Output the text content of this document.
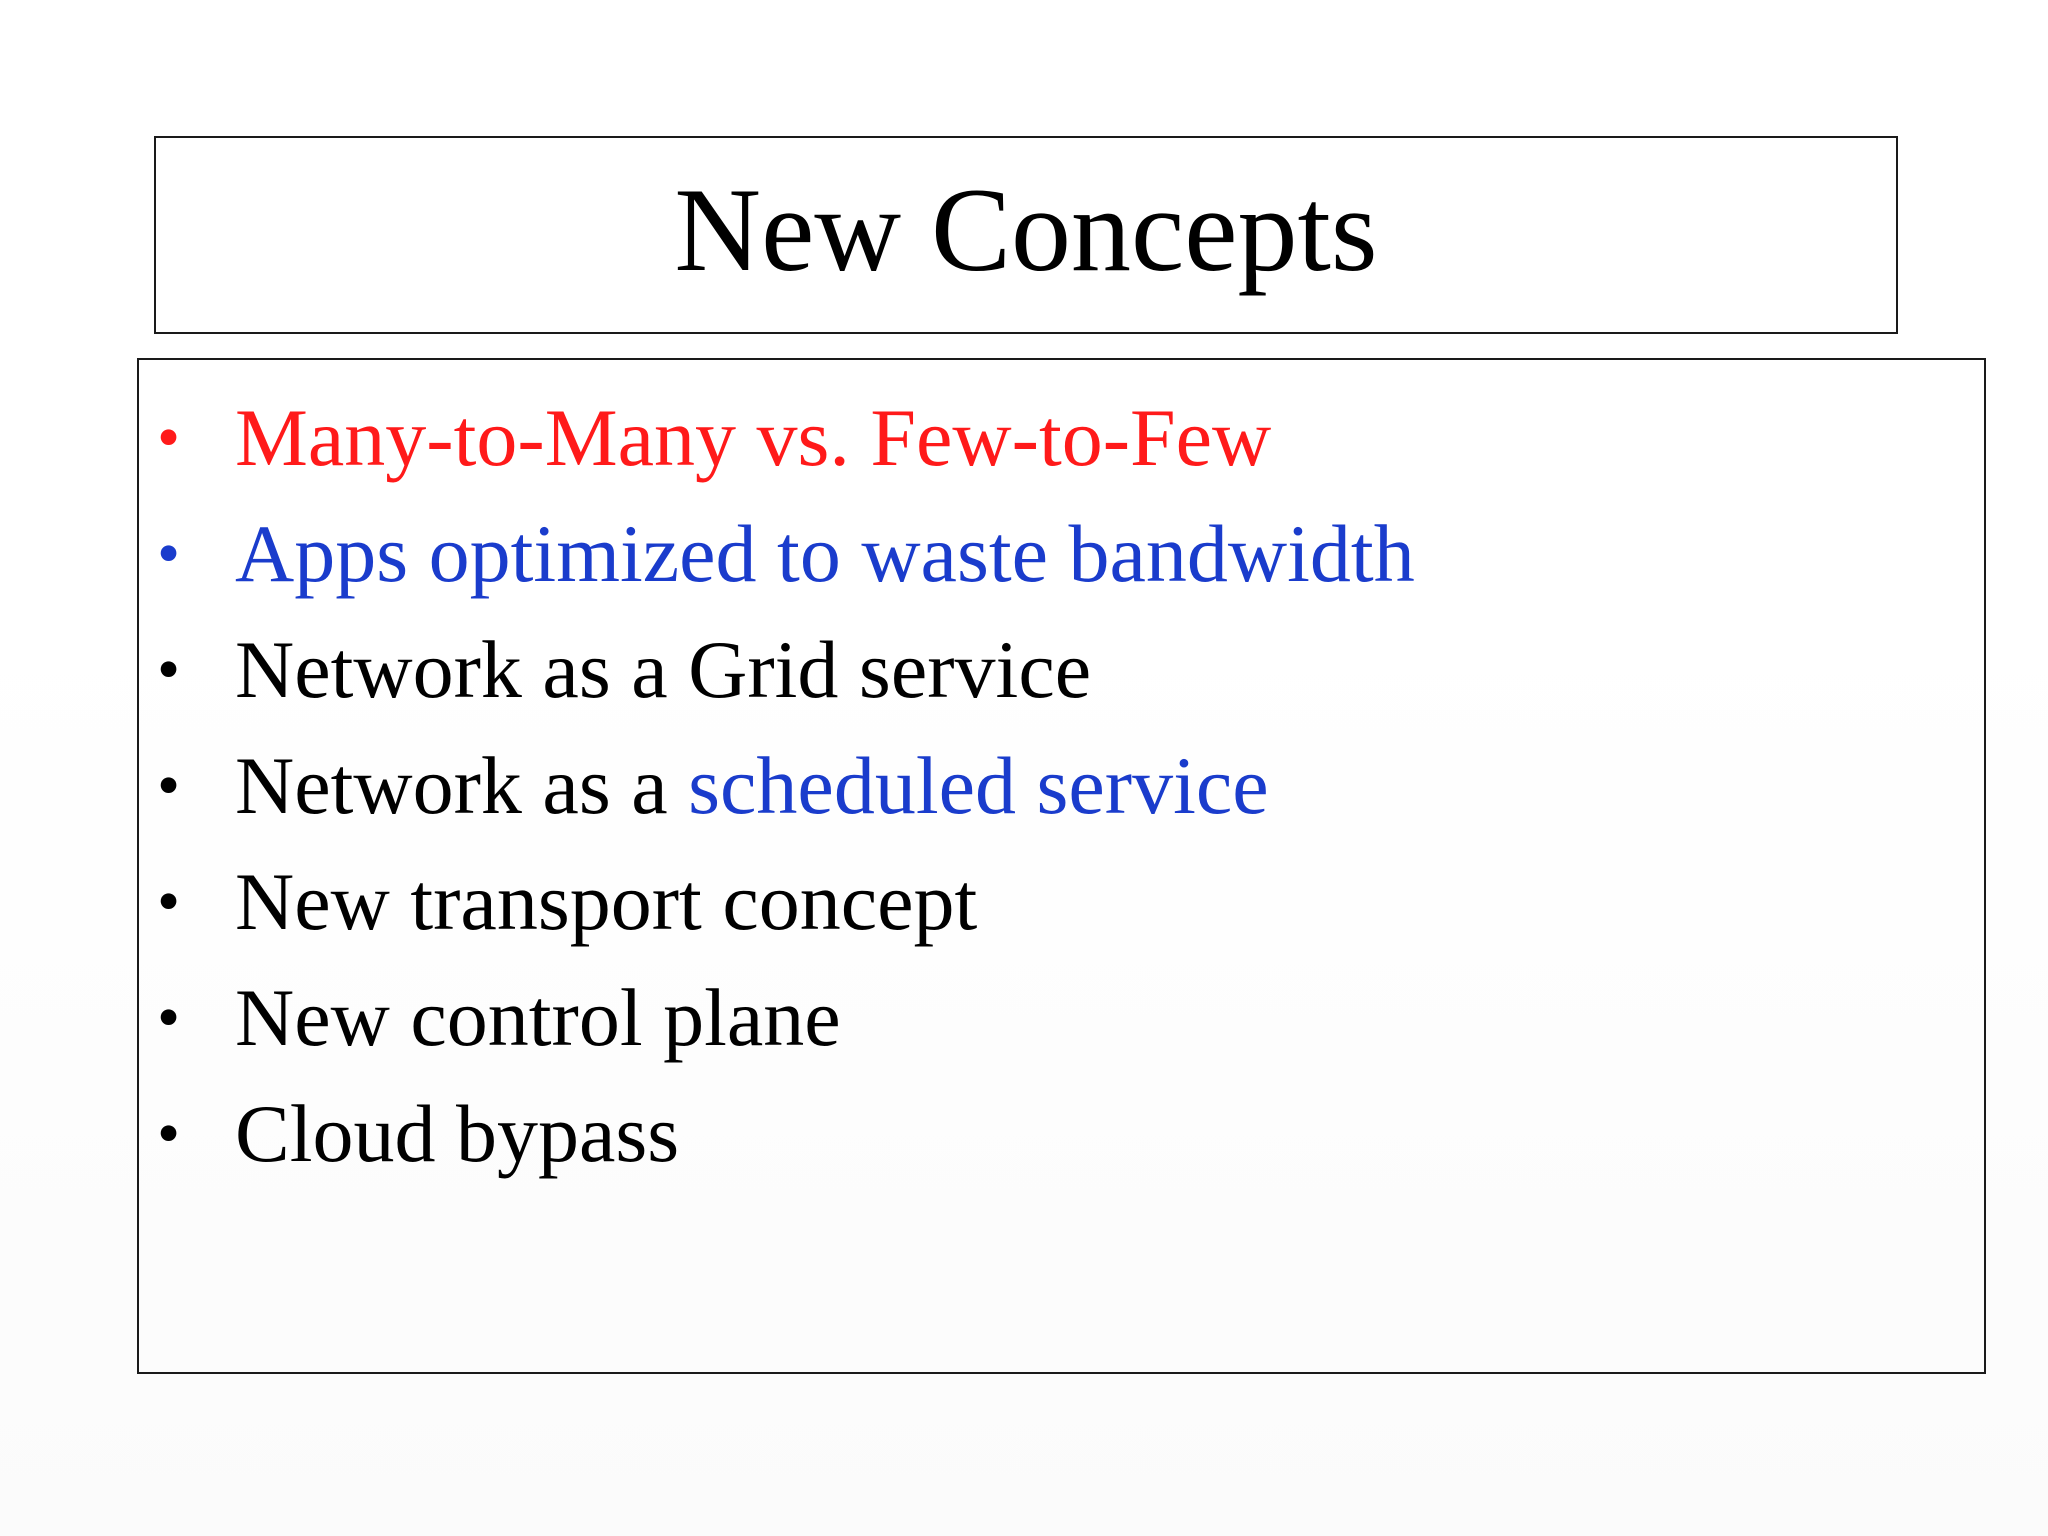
New Concepts
• Many-to-Many vs. Few-to-Few
• Apps optimized to waste bandwidth
• Network as a Grid service
• Network as a scheduled service
• New transport concept
• New control plane
• Cloud bypass
